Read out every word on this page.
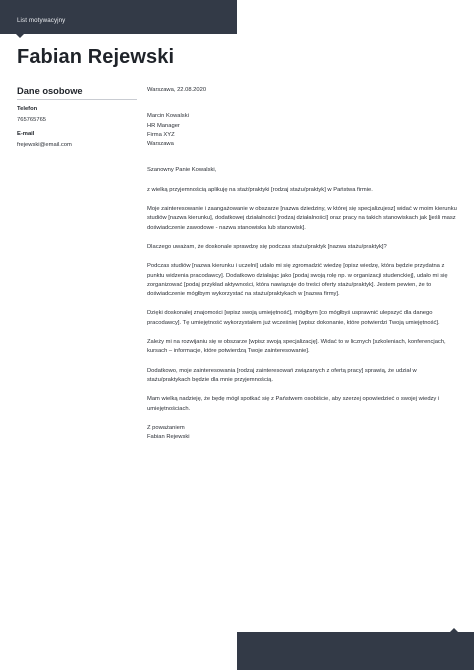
List motywacyjny
Fabian Rejewski
Dane osobowe
Telefon
765765765
E-mail
frejewski@email.com

Warszawa, 22.08.2020

Marcin Kowalski
HR Manager
Firma XYZ
Warszawa

Szanowny Panie Kowalski,

z wielką przyjemnością aplikuję na staż/praktyki [rodzaj stażu/praktyk] w Państwa firmie.

Moje zainteresowanie i zaangażowanie w obszarze [nazwa dziedziny, w której się specjalizujesz] widać w moim kierunku studiów [nazwa kierunku], dodatkowej działalności [rodzaj działalności] oraz pracy na takich stanowiskach jak [jeśli masz doświadczenie zawodowe - nazwa stanowiska lub stanowisk].

Dlaczego uważam, że doskonale sprawdzę się podczas stażu/praktyk [nazwa stażu/praktyk]?

Podczas studiów [nazwa kierunku i uczelni] udało mi się zgromadzić wiedzę [opisz wiedzę, która będzie przydatna z punktu widzenia pracodawcy]. Dodatkowo działając jako [podaj swoją rolę np. w organizacji studenckiej], udało mi się zorganizować [podaj przykład aktywności, która nawiązuje do treści oferty stażu/praktyk]. Jestem pewien, że to doświadczenie mógłbym wykorzystać na stażu/praktykach w [nazwa firmy].

Dzięki doskonałej znajomości [wpisz swoją umiejętność], mógłbym [co mógłbyś usprawnić ulepszyć dla danego pracodawcy]. Tę umiejętność wykorzystałem już wcześniej [wpisz dokonanie, które potwierdzi Twoją umiejętność].

Zależy mi na rozwijaniu się w obszarze [wpisz swoją specjalizację]. Widać to w licznych [szkoleniach, konferencjach, kursach – informacje, które potwierdzą Twoje zainteresowanie].

Dodatkowo, moje zainteresowania [rodzaj zainteresowań związanych z ofertą pracy] sprawią, że udział w stażu/praktykach będzie dla mnie przyjemnością.

Mam wielką nadzieję, że będę mógł spotkać się z Państwem osobiście, aby szerzej opowiedzieć o swojej wiedzy i umiejętnościach.

Z poważaniem

Fabian Rejewski
